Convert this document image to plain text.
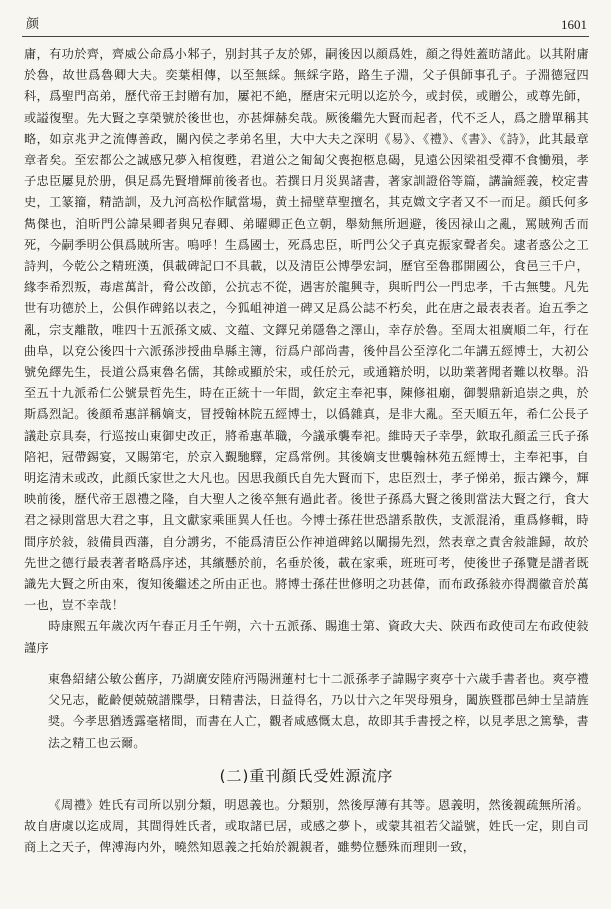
颜	1601

庸，有功於齊，齊威公命爲小邾子，别封其子友於郳，嗣後因以顔爲姓，顔之得姓蓋昉諸此。以其附庸於魯，故世爲魯卿大夫。奕葉相傳，以至無綵。無綵字路，路生子淵，父子俱師事孔子。子淵德冠四科，爲聖門高弟，歷代帝王封贈有加，屢祀不絶，歷唐宋元明以迄於今，或封侯，或贈公，或尊先師，或謚復聖。先大賢之享榮號於後世也，亦甚煇赫矣哉。厥後繼先大賢而起者，代不乏人，爲之謄單稱其略，如京兆尹之流傳善政，關內侯之孝弟名里，大中大夫之深明《易》、《禮》、《書》、《詩》，此其最章章者矣。至宏都公之誠感兄夢入棺復甦，君道公之匍匐父喪抱柩息碣，見遠公因梁祖受禪不食慟殞，孝子忠臣屢見於册，俱足爲先賢增輝前後者也。若撰日月災異諸書，著家訓證俗等篇，講論經義，校定書史，工篆籀，精誥訓，及九河高松作賦當場，黄土掃壁草聖擅名，其克媺文字者又不一而足。顔氏何多雋傑也，洎昕門公諱杲卿者與兄春卿、弟曜卿正色立朝，舉劾無所迴避，後因禄山之亂，罵賊殉舌而死，今嗣季明公俱爲賊所害。嗚呼！生爲國士，死爲忠臣，昕門公父子真克振家聲者矣。逮者惑公之工詩判，今乾公之精班漢，俱載碑記口不具載，以及清臣公博學宏詞，歷官至魯郡開國公，食邑三千户，緣李希烈叛，毒虐萬計，脅公改節，公抗志不從，遇害於龍興寺，與昕門公一門忠孝，千古無雙。凡先世有功德於上，公俱作碑銘以表之，今狐岨神道一碑又足爲公誌不朽矣，此在唐之最表表者。迨五季之亂，宗支離散，唯四十五派孫文威、文蕴、文鐸兄弟隱魯之澤山，幸存於魯。至周太祖廣順二年，行在曲阜，以兗公後四十六派孫涉授曲阜縣主簿，衍爲户部尚書，後仲昌公至淳化二年講五經博士，大初公號免繹先生，長道公爲東魯名儒，其餘或顯於宋，或任於元，或通籍於明，以助業著聞者難以枚舉。沿至五十九派希仁公號景哲先生，時在正統十一年間，欽定主奉祀事，陳修祖廟，御製鼎新追崇之典，於斯爲烈記。後顔希惠詳稱嫡支，冒授翰林院五經博士，以僞雜真，是非大亂。至天順五年，希仁公長子議赴京具奏，行巡按山東御史改正，將希惠革職，今議承襲奉祀。維時天子幸學，欽取孔顔孟三氏子孫陪祀，冠帶錫宴，又賜第宅，於京入覲馳驛，定爲常例。其後嫡支世襲翰林苑五經博士，主奉祀事，自明迄清未或改，此顔氏家世之大凡也。因思我顔氏自先大賢而下，忠臣烈士，孝子悌弟，振古鑠今，輝映前後，歷代帝王恩禮之隆，自大聖人之後卒無有過此者。後世子孫爲大賢之後則當法大賢之行，食大君之禄則當思大君之事，且文獻家乘匪異人任也。今博士孫茌世恐譜系散佚，支派混淆，重爲修輯，時間序於敍，敍備員西藩，自分謭劣，不能爲清臣公作神道碑銘以闡揚先烈，然表章之責舍敍誰歸，故於先世之德行最表著者略爲序述，其繽懸於前，名垂於後，載在家乘，班班可考，使後世子孫覽是譜者既識先大賢之所由來，復知後繼述之所由正也。將博士孫茌世修明之功甚偉，而布政孫敍亦得潤徽音於萬一也，豈不幸哉！

時康熙五年歲次丙午春正月壬午朔，六十五派孫、賜進士第、資政大夫、陝西布政使司左布政使敍謹序

東魯紹緒公敏公舊序，乃湖廣安陸府沔陽洲蓮村七十二派孫孝子諱賜字爽亭十六歲手書者也。爽亭禮父兄志，齕齡便兢兢譜牒學，日精書法，日益得名，乃以廿六之年哭母殞身，闔族暨郡邑紳士呈請旌奨。今孝思猶透露毫楮間，而書在人亡，觀者咸感慨太息，故即其手書授之梓，以見孝思之篤摯，書法之精工也云爾。

(二)重刊顔氏受姓源流序

《周禮》姓氏有司所以别分類，明恩義也。分類别，然後厚薄有其等。恩義明，然後親疏無所淆。故自唐虞以迄成周，其間得姓氏者，或取諸已居，或感之夢卜，或蒙其祖若父謚號，姓氏一定，則自司商上之天子，俾溥海内外，曉然知恩義之托始於親親者，雖勢位懸殊而理則一致，
